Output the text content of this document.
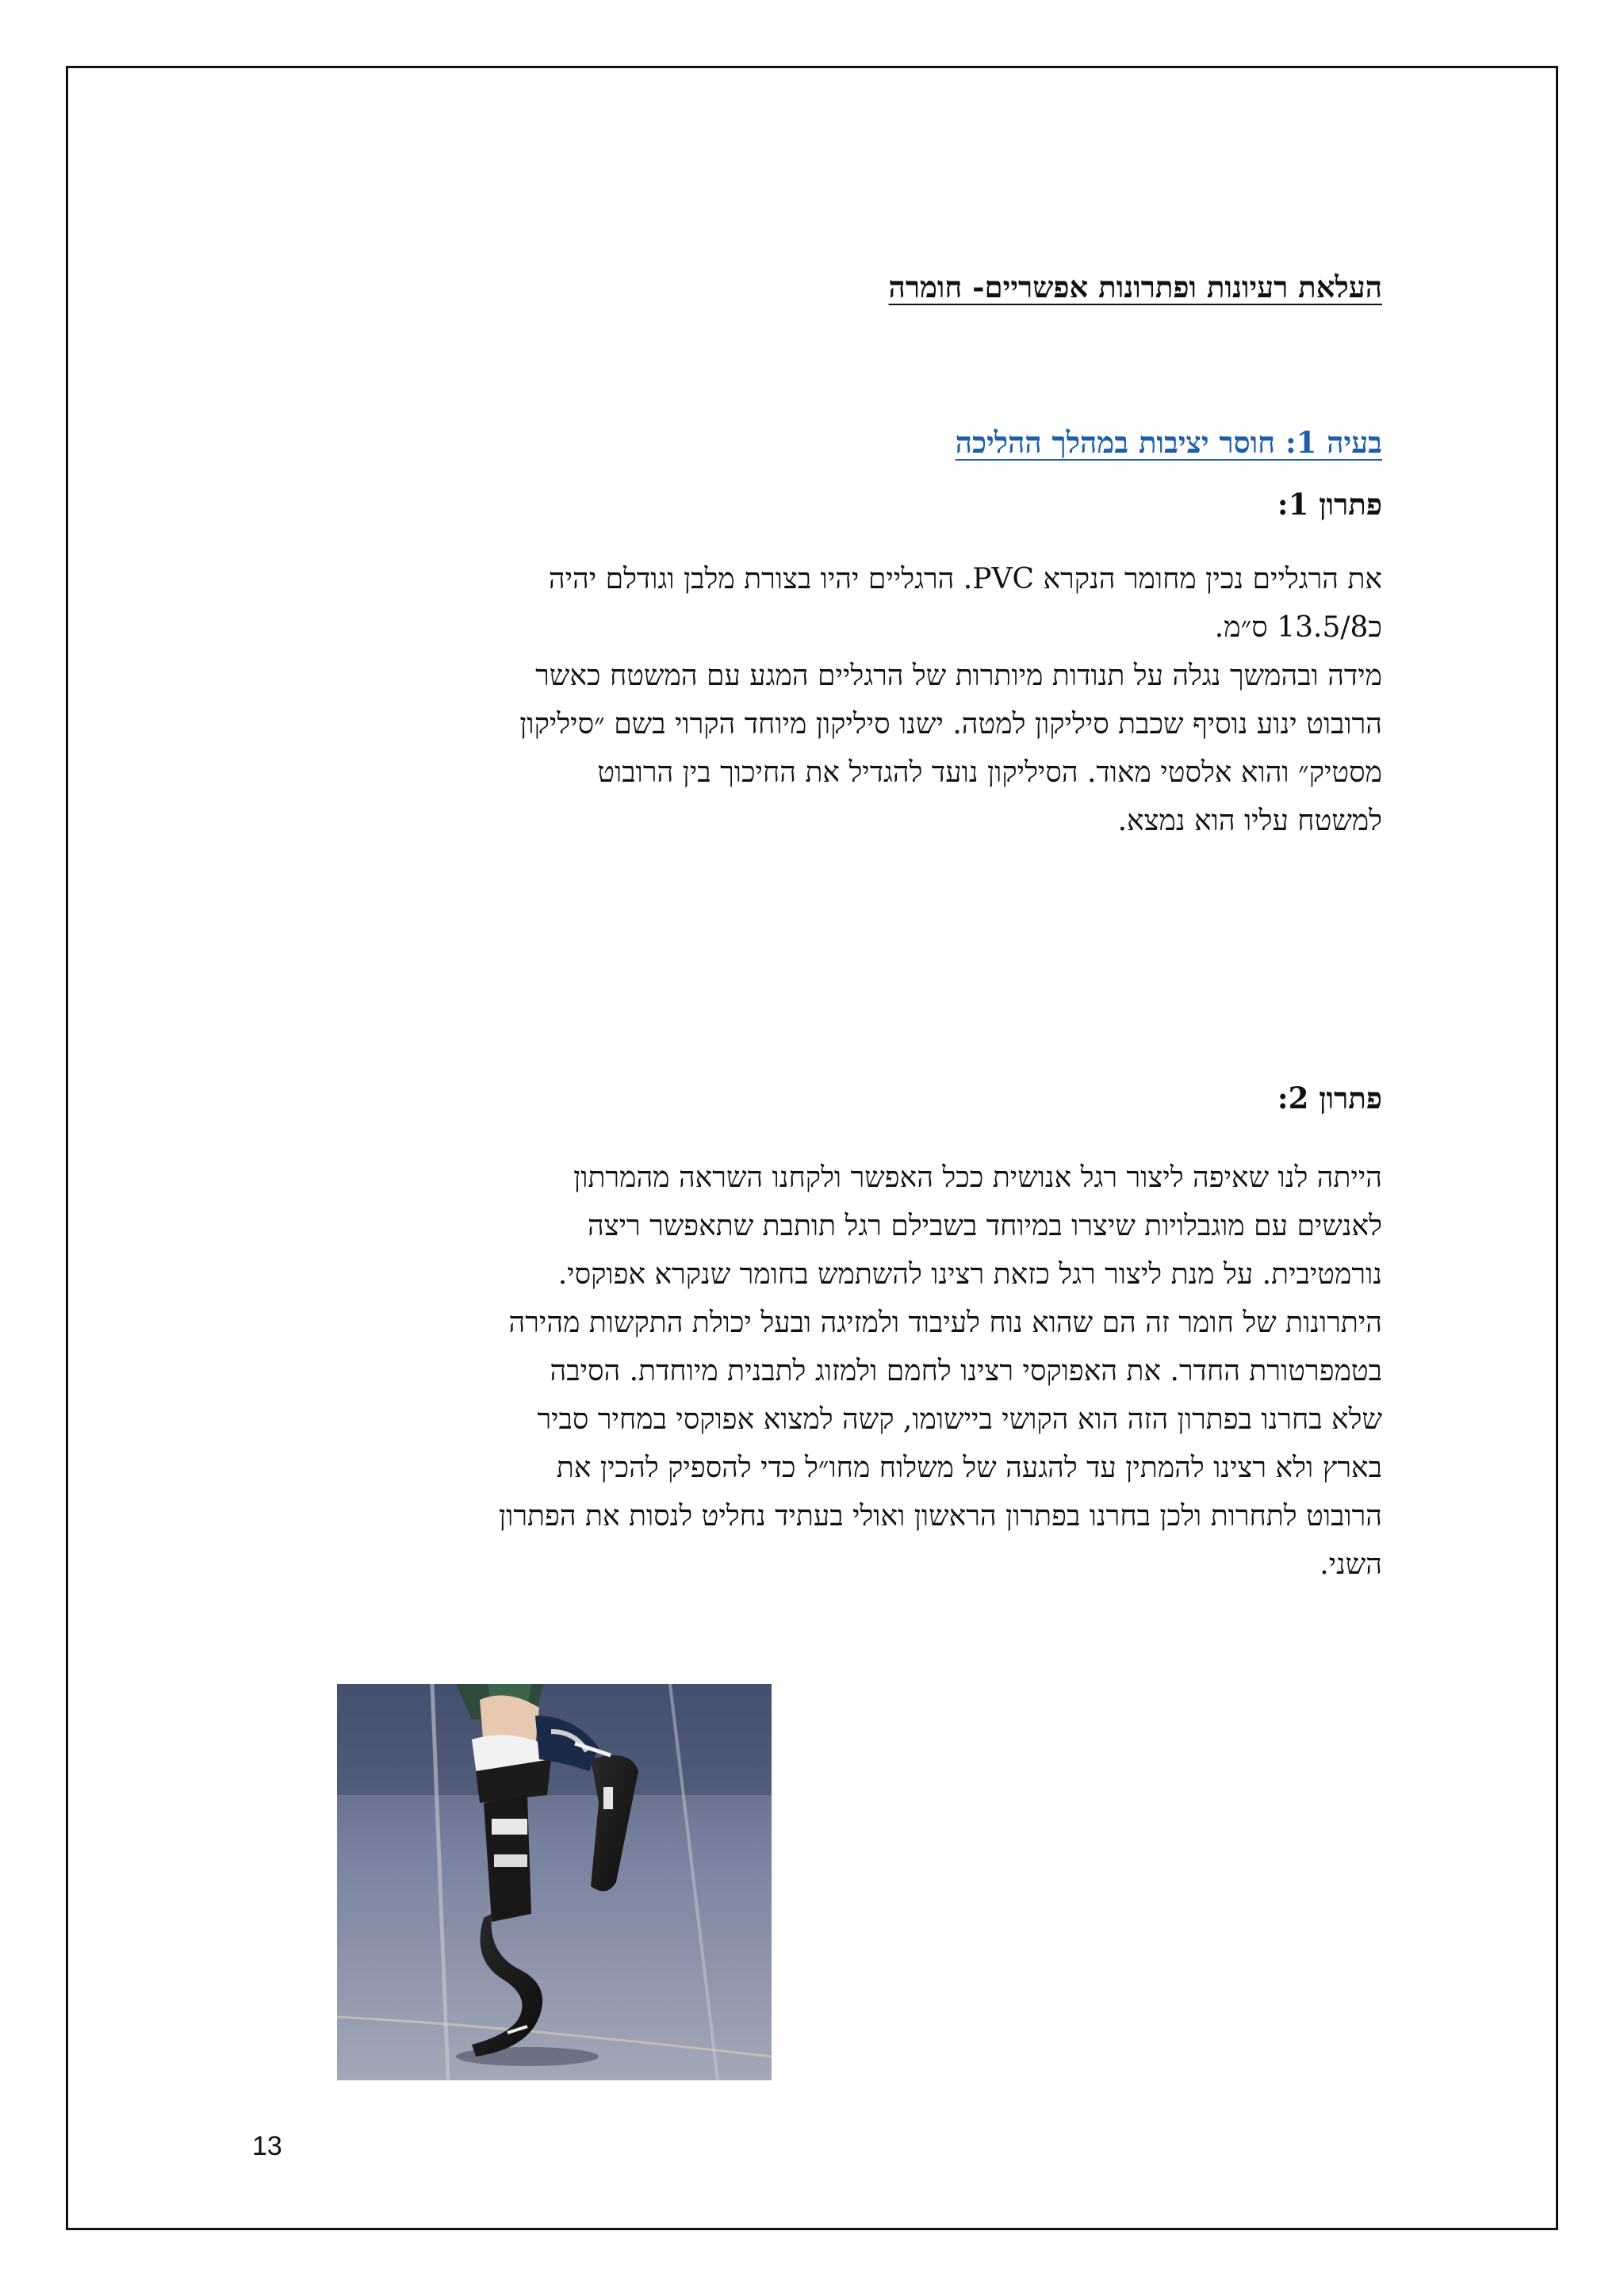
העלאת רעיונות ופתרונות אפשריים- חומרה
בעיה 1: חוסר יציבות במהלך ההליכה
פתרון 1:
את הרגליים נכין מחומר הנקרא PVC. הרגליים יהיו בצורת מלבן וגודלם יהיה
כ13.5/8 ס״מ.
מידה ובהמשך נגלה על תנודות מיותרות של הרגליים המגע עם המשטח כאשר
הרובוט ינוע נוסיף שכבת סיליקון למטה. ישנו סיליקון מיוחד הקרוי בשם ״סיליקון
מסטיק״ והוא אלסטי מאוד. הסיליקון נועד להגדיל את החיכוך בין הרובוט
למשטח עליו הוא נמצא.
פתרון 2:
הייתה לנו שאיפה ליצור רגל אנושית ככל האפשר ולקחנו השראה מהמרתון
לאנשים עם מוגבלויות שיצרו במיוחד בשבילם רגל תותבת שתאפשר ריצה
נורמטיבית. על מנת ליצור רגל כזאת רצינו להשתמש בחומר שנקרא אפוקסי.
היתרונות של חומר זה הם שהוא נוח לעיבוד ולמזיגה ובעל יכולת התקשות מהירה
בטמפרטורת החדר. את האפוקסי רצינו לחמם ולמזוג לתבנית מיוחדת. הסיבה
שלא בחרנו בפתרון הזה הוא הקושי ביישומו, קשה למצוא אפוקסי במחיר סביר
בארץ ולא רצינו להמתין עד להגעה של משלוח מחו״ל כדי להספיק להכין את
הרובוט לתחרות ולכן בחרנו בפתרון הראשון ואולי בעתיד נחליט לנסות את הפתרון
השני.
13
